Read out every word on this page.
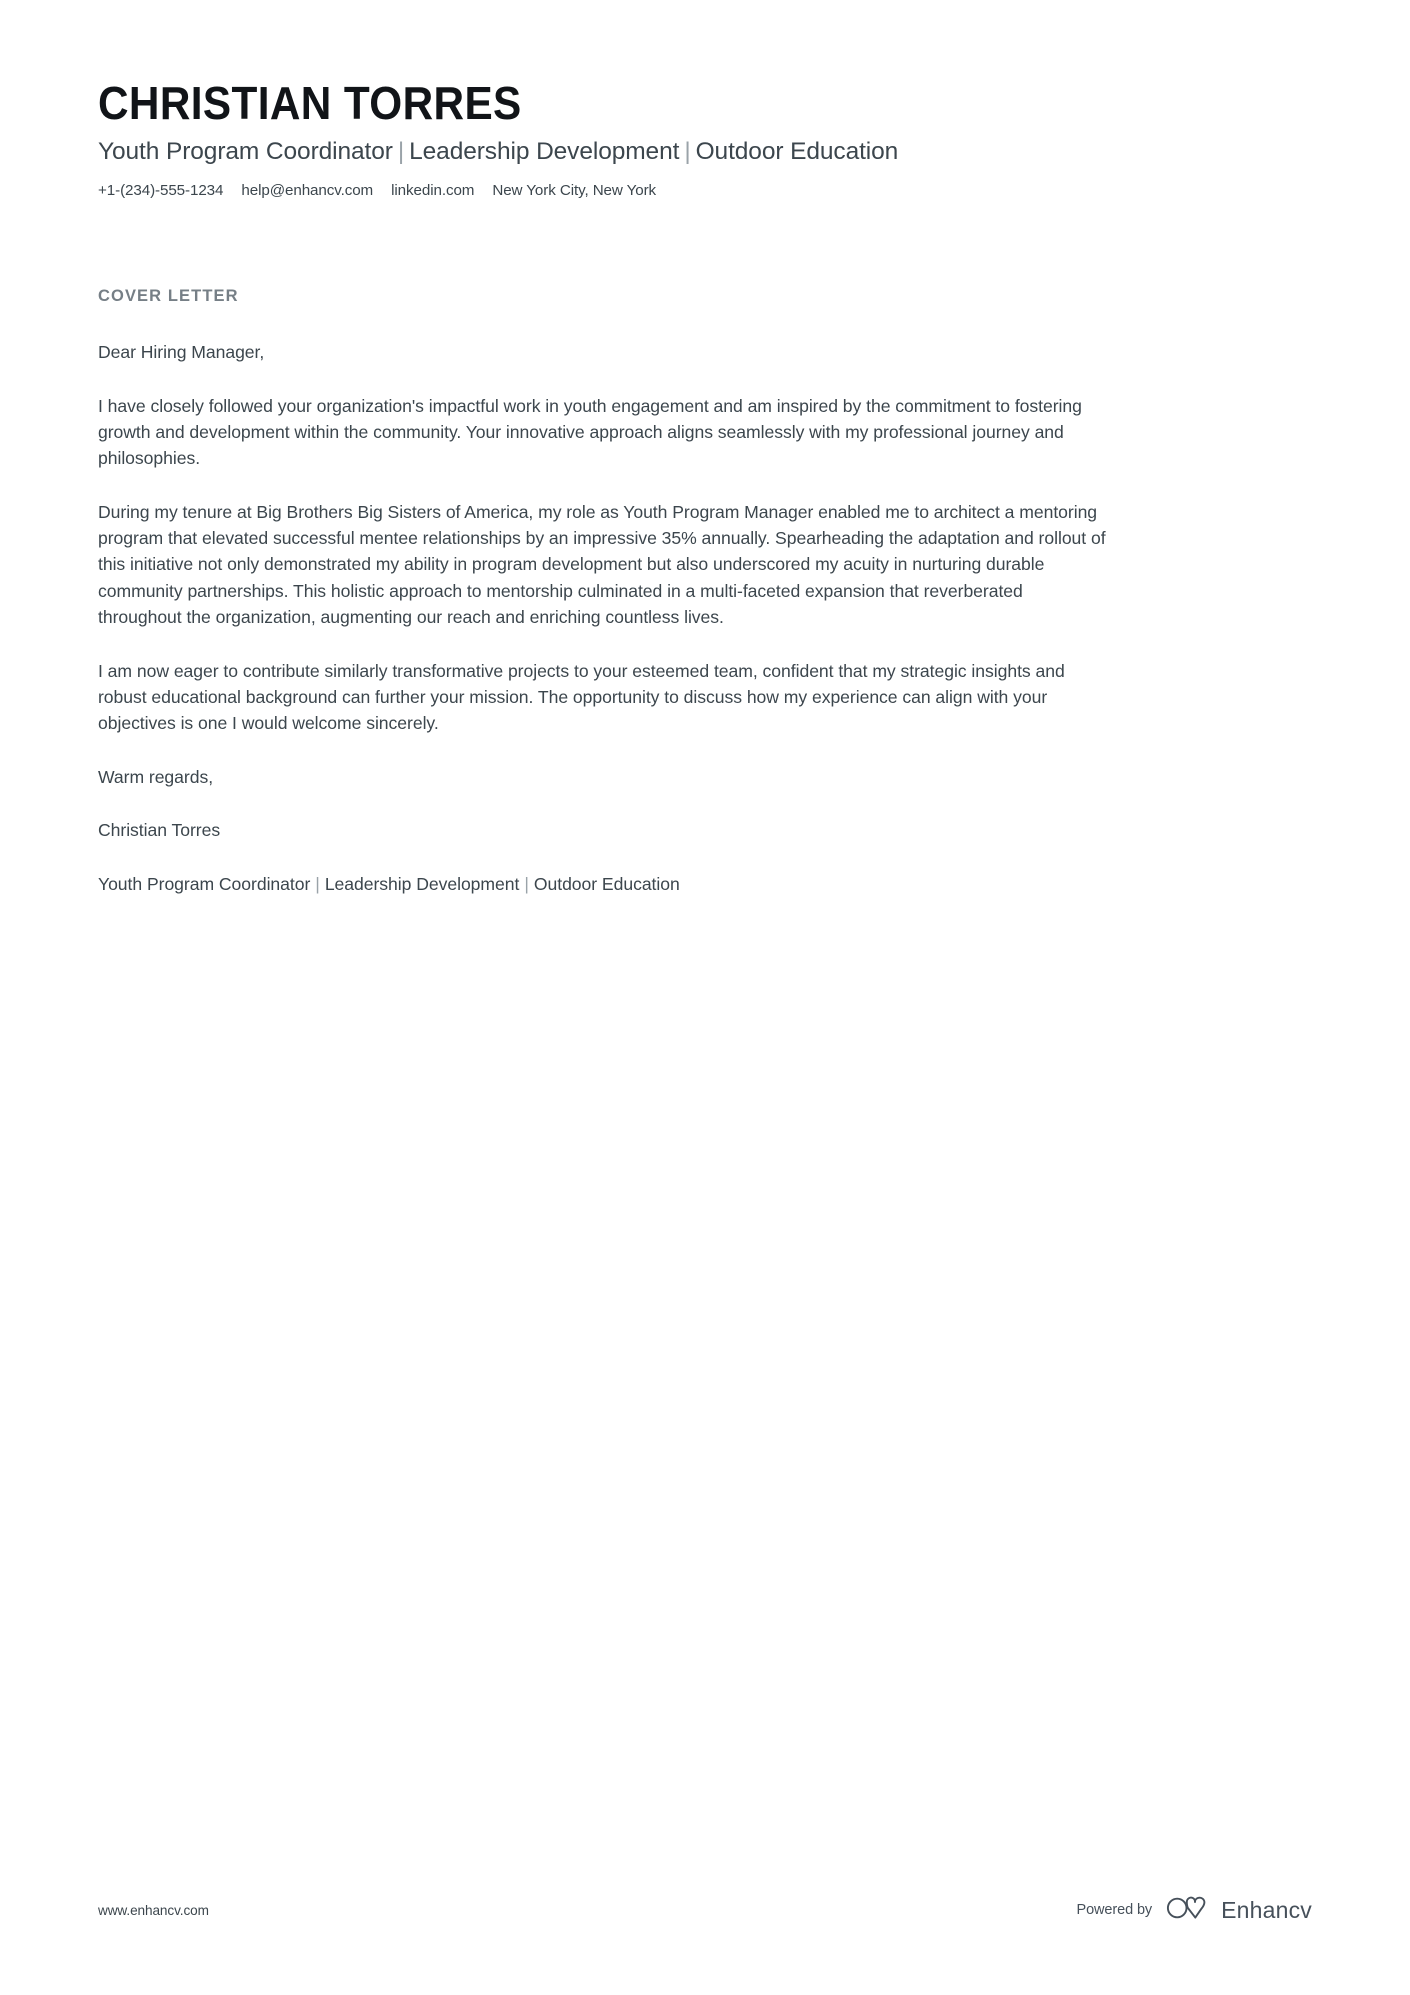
CHRISTIAN TORRES
Youth Program Coordinator | Leadership Development | Outdoor Education
+1-(234)-555-1234 help@enhancv.com linkedin.com New York City, New York
COVER LETTER

Dear Hiring Manager,

I have closely followed your organization's impactful work in youth engagement and am inspired by the commitment to fostering growth and development within the community. Your innovative approach aligns seamlessly with my professional journey and philosophies.

During my tenure at Big Brothers Big Sisters of America, my role as Youth Program Manager enabled me to architect a mentoring program that elevated successful mentee relationships by an impressive 35% annually. Spearheading the adaptation and rollout of this initiative not only demonstrated my ability in program development but also underscored my acuity in nurturing durable community partnerships. This holistic approach to mentorship culminated in a multi-faceted expansion that reverberated throughout the organization, augmenting our reach and enriching countless lives.

I am now eager to contribute similarly transformative projects to your esteemed team, confident that my strategic insights and robust educational background can further your mission. The opportunity to discuss how my experience can align with your objectives is one I would welcome sincerely.

Warm regards,

Christian Torres

Youth Program Coordinator | Leadership Development | Outdoor Education

www.enhancv.com	Powered by	Enhancv
